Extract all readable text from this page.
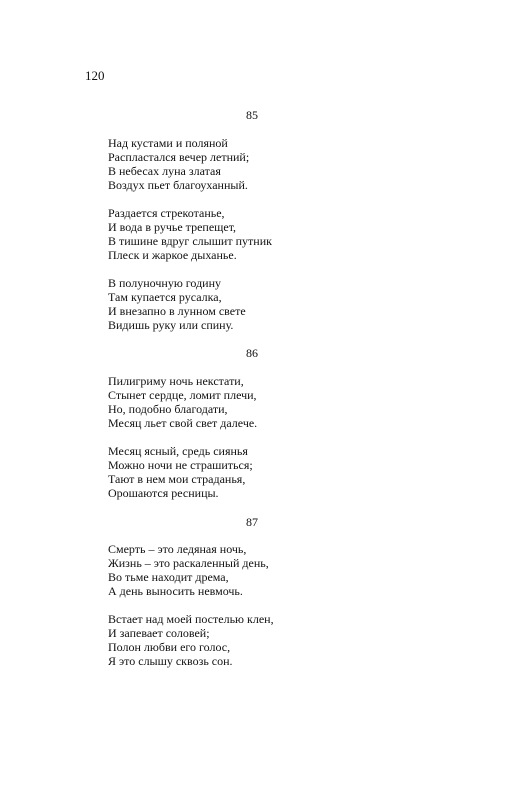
120
85
Над кустами и поляной
Распластался вечер летний;
В небесах луна златая
Воздух пьет благоуханный.
Раздается стрекотанье,
И вода в ручье трепещет,
В тишине вдруг слышит путник
Плеск и жаркое дыханье.
В полуночную годину
Там купается русалка,
И внезапно в лунном свете
Видишь руку или спину.
86
Пилигриму ночь некстати,
Стынет сердце, ломит плечи,
Но, подобно благодати,
Месяц льет свой свет далече.
Месяц ясный, средь сиянья
Можно ночи не страшиться;
Тают в нем мои страданья,
Орошаются ресницы.
87
Смерть – это ледяная ночь,
Жизнь – это раскаленный день,
Во тьме находит дрема,
А день выносить невмочь.
Встает над моей постелью клен,
И запевает соловей;
Полон любви его голос,
Я это слышу сквозь сон.
